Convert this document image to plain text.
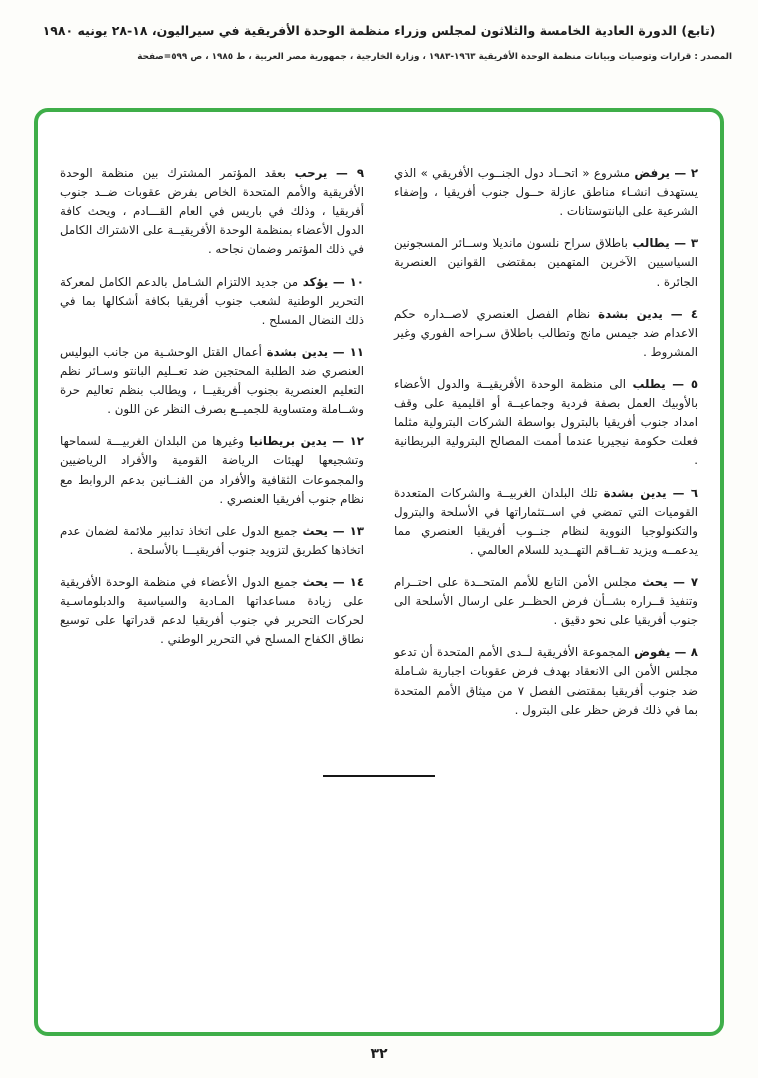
(تابع) الدورة العادية الخامسة والثلاثون لمجلس وزراء منظمة الوحدة الأفريقية في سيراليون، ١٨-٢٨ يونيه ١٩٨٠
المصدر : قرارات وتوصيات وبيانات منظمة الوحدة الأفريقية ١٩٦٣-١٩٨٣ ، وزارة الخارجية ، جمهورية مصر العربية ، ط ١٩٨٥ ، ص ٥٩٩=صفحة

٢ — يرفض مشروع « اتحــاد دول الجنــوب الأفريقي » الذي يستهدف انشـاء مناطق عازلة حــول جنوب أفريقيا ، وإضفاء الشرعية على البانتوستانات .

٣ — يطالب باطلاق سراح نلسون مانديلا وســائر المسجونين السياسيين الآخرين المتهمين بمقتضى القوانين العنصرية الجائرة .

٤ — يدين بشدة نظام الفصل العنصري لاصــداره حكم الاعدام ضد جيمس مانج وتطالب باطلاق سـراحه الفوري وغير المشروط .

٥ — يطلب الى منظمة الوحدة الأفريقيــة والدول الأعضاء بالأوبيك العمل بصفة فردية وجماعيــة أو اقليمية على وقف امداد جنوب أفريقيا بالبترول بواسطة الشركات البترولية مثلما فعلت حكومة نيجيريا عندما أممت المصالح البترولية البريطانية .

٦ — يدين بشدة تلك البلدان الغربيــة والشركات المتعددة القوميات التي تمضي في اســتثماراتها في الأسلحة والبترول والتكنولوجيا النووية لنظام جنــوب أفريقيا العنصري مما يدعمــه ويزيد تفــاقم التهــديد للسلام العالمي .

٧ — يحث مجلس الأمن التابع للأمم المتحــدة على احتــرام وتنفيذ قــراره بشــأن فرض الحظــر على ارسال الأسلحة الى جنوب أفريقيا على نحو دقيق .

٨ — يفوض المجموعة الأفريقية لــدى الأمم المتحدة أن تدعو مجلس الأمن الى الانعقاد بهدف فرض عقوبات اجبارية شـاملة ضد جنوب أفريقيا بمقتضى الفصل ٧ من ميثاق الأمم المتحدة بما في ذلك فرض حظر على البترول .

٩ — يرحب بعقد المؤتمر المشترك بين منظمة الوحدة الأفريقية والأمم المتحدة الخاص بفرض عقوبات ضــد جنوب أفريقيا ، وذلك في باريس في العام القـــادم ، ويحث كافة الدول الأعضاء بمنظمة الوحدة الأفريقيــة على الاشتراك الكامل في ذلك المؤتمر وضمان نجاحه .

١٠ — يؤكد من جديد الالتزام الشـامل بالدعم الكامل لمعركة التحرير الوطنية لشعب جنوب أفريقيا بكافة أشكالها بما في ذلك النضال المسلح .

١١ — يدين بشدة أعمال القتل الوحشـية من جانب البوليس العنصري ضد الطلبة المحتجين ضد تعــليم البانتو وسـائر نظم التعليم العنصرية بجنوب أفريقيــا ، ويطالب بنظم تعاليم حرة وشــاملة ومتساوية للجميــع بصرف النظر عن اللون .

١٢ — يدين بريطانيا وغيرها من البلدان الغربيـــة لسماحها وتشجيعها لهيئات الرياضة القومية والأفراد الرياضيين والمجموعات الثقافية والأفراد من الفنــانين بدعم الروابط مع نظام جنوب أفريقيا العنصري .

١٣ — يحث جميع الدول على اتخاذ تدابير ملائمة لضمان عدم اتخاذها كطريق لتزويد جنوب أفريقيـــا بالأسلحة .

١٤ — يحث جميع الدول الأعضاء في منظمة الوحدة الأفريقية على زيادة مساعداتها المـادية والسياسية والدبلوماسـية لحركات التحرير في جنوب أفريقيا لدعم قدراتها على توسيع نطاق الكفاح المسلح في التحرير الوطني .

٣٢
